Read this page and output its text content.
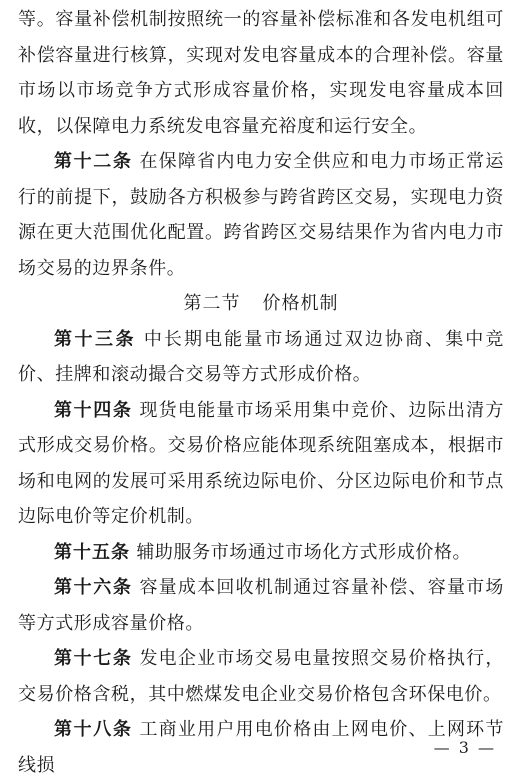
等。容量补偿机制按照统一的容量补偿标准和各发电机组可补偿容量进行核算，实现对发电容量成本的合理补偿。容量市场以市场竞争方式形成容量价格，实现发电容量成本回收，以保障电力系统发电容量充裕度和运行安全。

第十二条 在保障省内电力安全供应和电力市场正常运行的前提下，鼓励各方积极参与跨省跨区交易，实现电力资源在更大范围优化配置。跨省跨区交易结果作为省内电力市场交易的边界条件。

第二节 价格机制

第十三条 中长期电能量市场通过双边协商、集中竞价、挂牌和滚动撮合交易等方式形成价格。

第十四条 现货电能量市场采用集中竞价、边际出清方式形成交易价格。交易价格应能体现系统阻塞成本，根据市场和电网的发展可采用系统边际电价、分区边际电价和节点边际电价等定价机制。

第十五条 辅助服务市场通过市场化方式形成价格。

第十六条 容量成本回收机制通过容量补偿、容量市场等方式形成容量价格。

第十七条 发电企业市场交易电量按照交易价格执行，交易价格含税，其中燃煤发电企业交易价格包含环保电价。

第十八条 工商业用户用电价格由上网电价、上网环节线损

— 3 —
